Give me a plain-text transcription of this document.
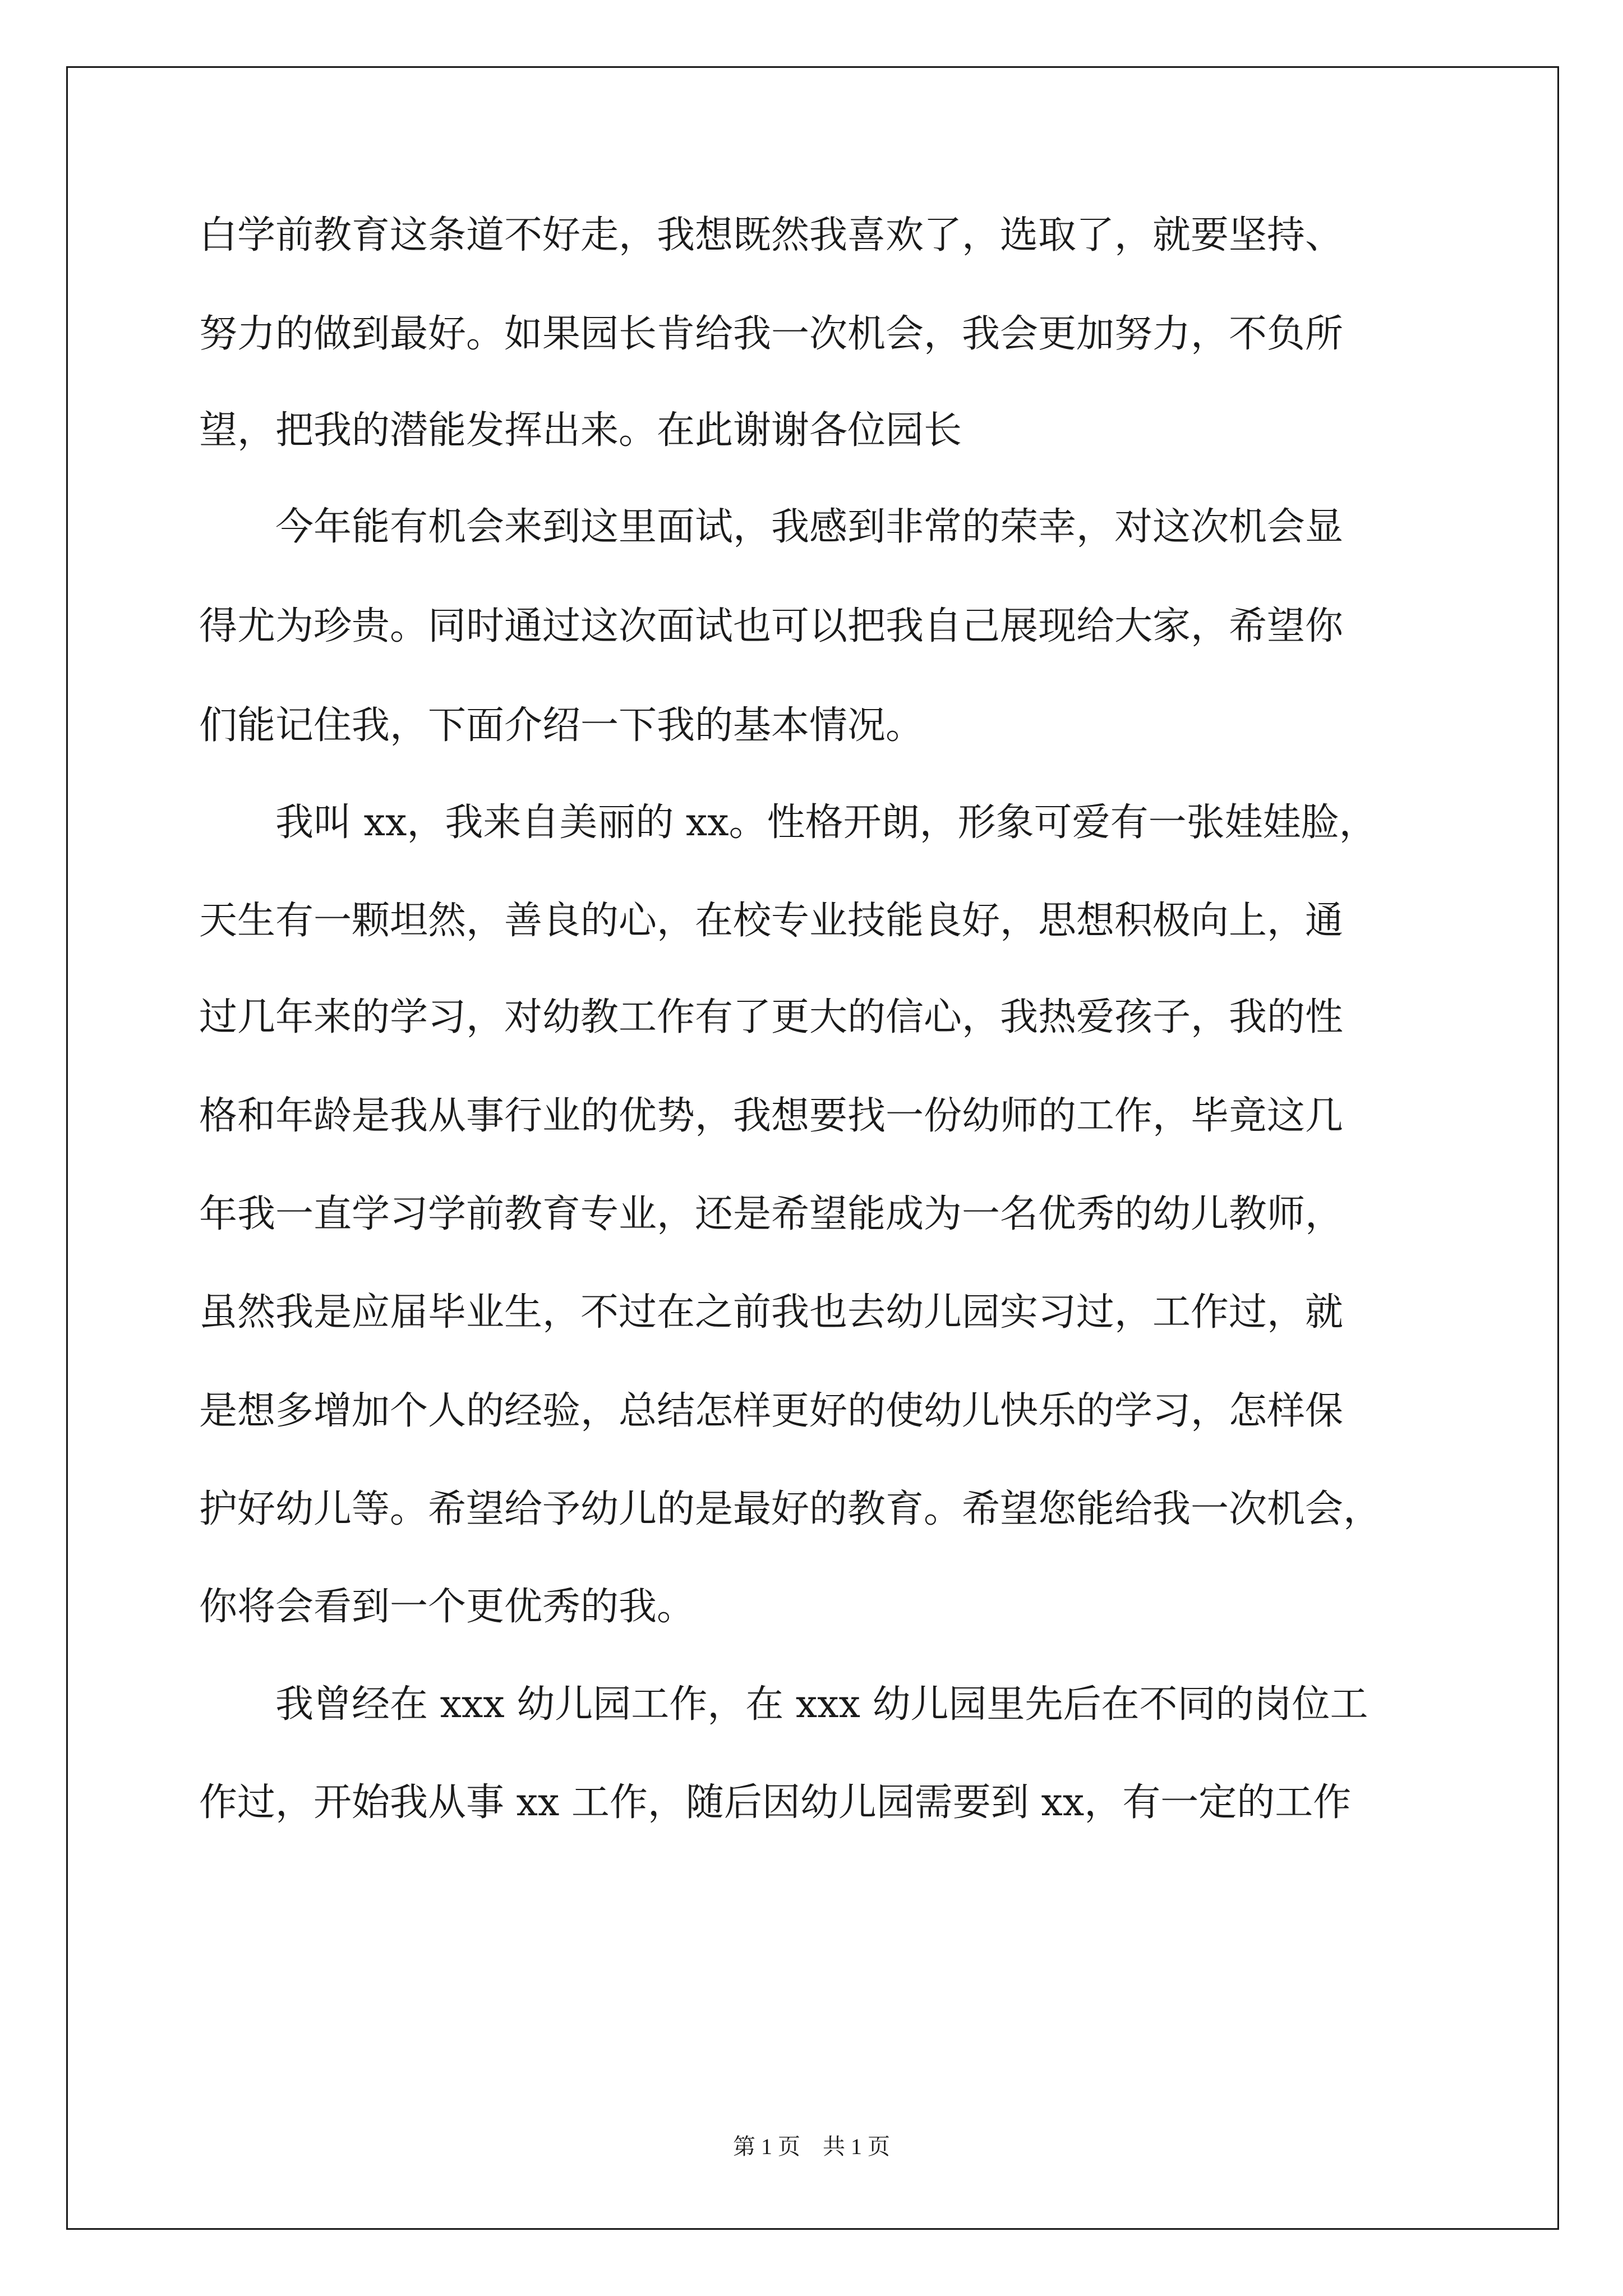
白学前教育这条道不好走，我想既然我喜欢了，选取了，就要坚持、
努力的做到最好。如果园长肯给我一次机会，我会更加努力，不负所
望，把我的潜能发挥出来。在此谢谢各位园长
　　今年能有机会来到这里面试，我感到非常的荣幸，对这次机会显
得尤为珍贵。同时通过这次面试也可以把我自己展现给大家，希望你
们能记住我，下面介绍一下我的基本情况。
　　我叫 xx，我来自美丽的 xx。性格开朗，形象可爱有一张娃娃脸，
天生有一颗坦然，善良的心，在校专业技能良好，思想积极向上，通
过几年来的学习，对幼教工作有了更大的信心，我热爱孩子，我的性
格和年龄是我从事行业的优势，我想要找一份幼师的工作，毕竟这几
年我一直学习学前教育专业，还是希望能成为一名优秀的幼儿教师，
虽然我是应届毕业生，不过在之前我也去幼儿园实习过，工作过，就
是想多增加个人的经验，总结怎样更好的使幼儿快乐的学习，怎样保
护好幼儿等。希望给予幼儿的是最好的教育。希望您能给我一次机会，
你将会看到一个更优秀的我。
　　我曾经在 xxx 幼儿园工作，在 xxx 幼儿园里先后在不同的岗位工
作过，开始我从事 xx 工作，随后因幼儿园需要到 xx，有一定的工作
第 1 页　共 1 页
